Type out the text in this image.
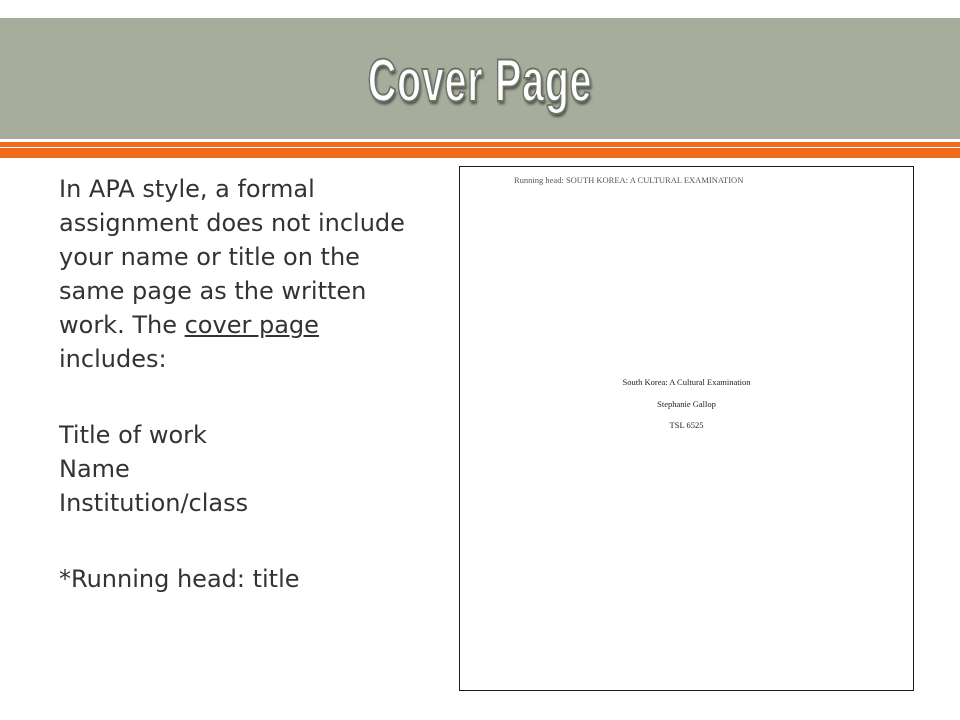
Cover Page

In APA style, a formal assignment does not include your name or title on the same page as the written work. The cover page includes:

Title of work

Name

Institution/class

*Running head: title

Running head: SOUTH KOREA: A CULTURAL EXAMINATION
South Korea: A Cultural Examination
Stephanie Gallop
TSL 6525
